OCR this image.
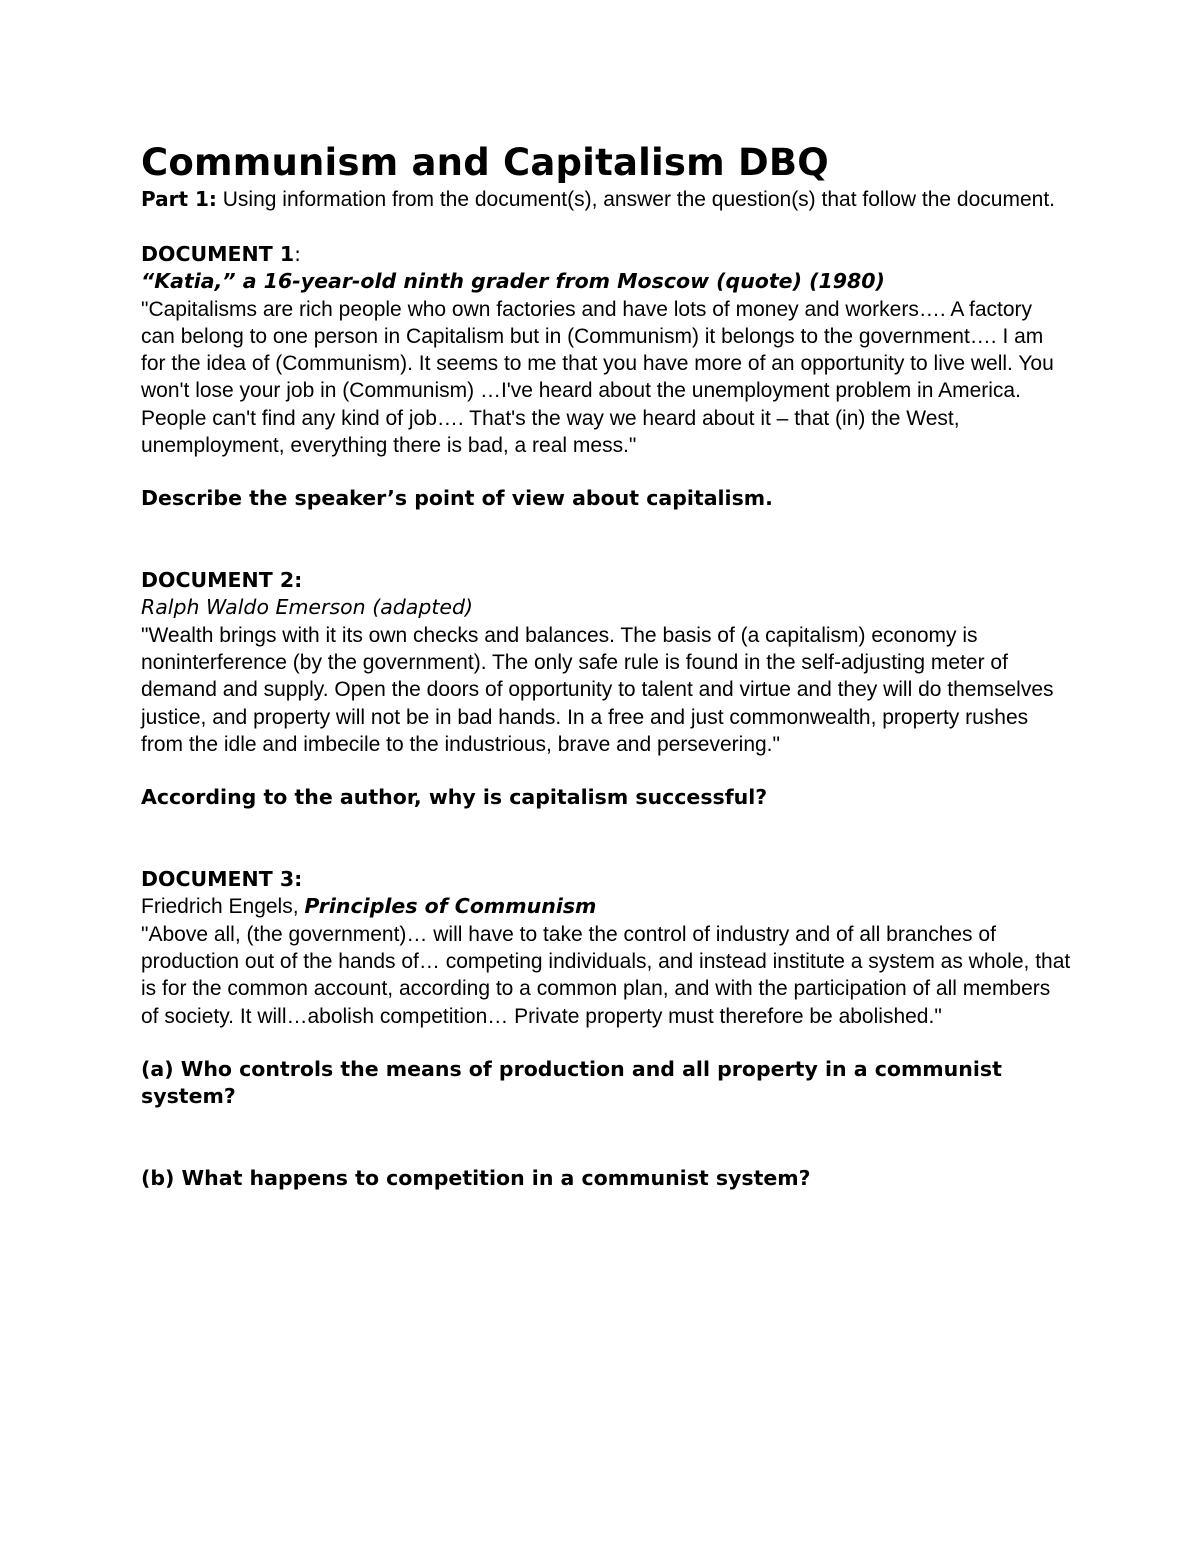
Communism and Capitalism DBQ

Part 1: Using information from the document(s), answer the question(s) that follow the document.

DOCUMENT 1:

“Katia,” a 16-year-old ninth grader from Moscow (quote) (1980)

"Capitalisms are rich people who own factories and have lots of money and workers…. A factory can belong to one person in Capitalism but in (Communism) it belongs to the government…. I am for the idea of (Communism). It seems to me that you have more of an opportunity to live well. You won't lose your job in (Communism) …I've heard about the unemployment problem in America. People can't find any kind of job…. That's the way we heard about it – that (in) the West, unemployment, everything there is bad, a real mess."

Describe the speaker’s point of view about capitalism.

DOCUMENT 2:

Ralph Waldo Emerson (adapted)

"Wealth brings with it its own checks and balances. The basis of (a capitalism) economy is noninterference (by the government). The only safe rule is found in the self-adjusting meter of demand and supply. Open the doors of opportunity to talent and virtue and they will do themselves justice, and property will not be in bad hands. In a free and just commonwealth, property rushes from the idle and imbecile to the industrious, brave and persevering."

According to the author, why is capitalism successful?

DOCUMENT 3:

Friedrich Engels, Principles of Communism

"Above all, (the government)… will have to take the control of industry and of all branches of production out of the hands of… competing individuals, and instead institute a system as whole, that is for the common account, according to a common plan, and with the participation of all members of society. It will…abolish competition… Private property must therefore be abolished."

(a) Who controls the means of production and all property in a communist system?

(b) What happens to competition in a communist system?
